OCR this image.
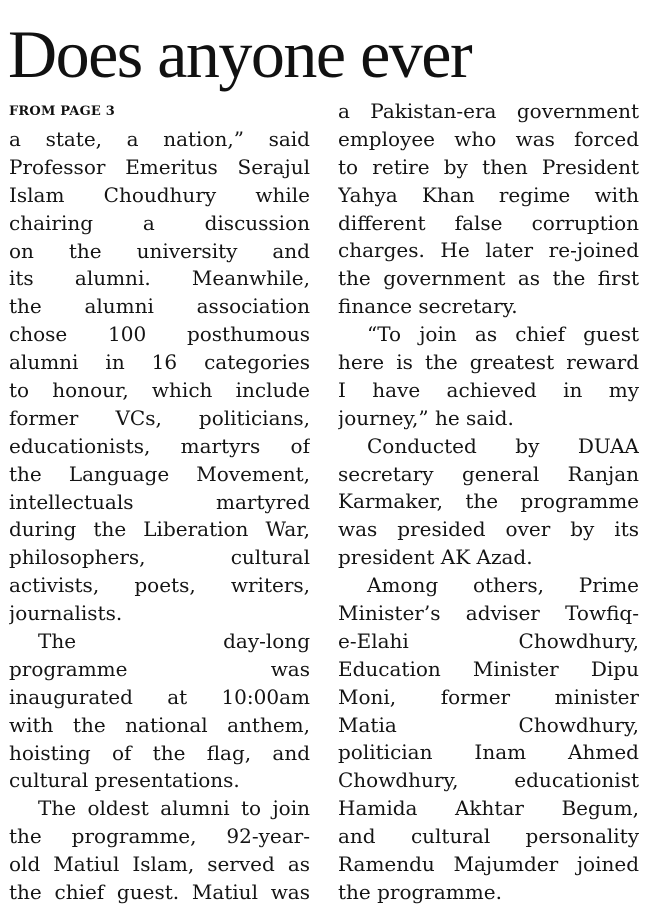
Does anyone ever
FROM PAGE 3
a state, a nation,” said
Professor Emeritus Serajul
Islam Choudhury while
chairing a discussion
on the university and
its alumni. Meanwhile,
the alumni association
chose 100 posthumous
alumni in 16 categories
to honour, which include
former VCs, politicians,
educationists, martyrs of
the Language Movement,
intellectuals martyred
during the Liberation War,
philosophers, cultural
activists, poets, writers,
journalists.
The day-long
programme was
inaugurated at 10:00am
with the national anthem,
hoisting of the flag, and
cultural presentations.
The oldest alumni to join
the programme, 92-year-
old Matiul Islam, served as
the chief guest. Matiul was
a Pakistan-era government
employee who was forced
to retire by then President
Yahya Khan regime with
different false corruption
charges. He later re-joined
the government as the first
finance secretary.
“To join as chief guest
here is the greatest reward
I have achieved in my
journey,” he said.
Conducted by DUAA
secretary general Ranjan
Karmaker, the programme
was presided over by its
president AK Azad.
Among others, Prime
Minister’s adviser Towfiq-
e-Elahi Chowdhury,
Education Minister Dipu
Moni, former minister
Matia Chowdhury,
politician Inam Ahmed
Chowdhury, educationist
Hamida Akhtar Begum,
and cultural personality
Ramendu Majumder joined
the programme.
